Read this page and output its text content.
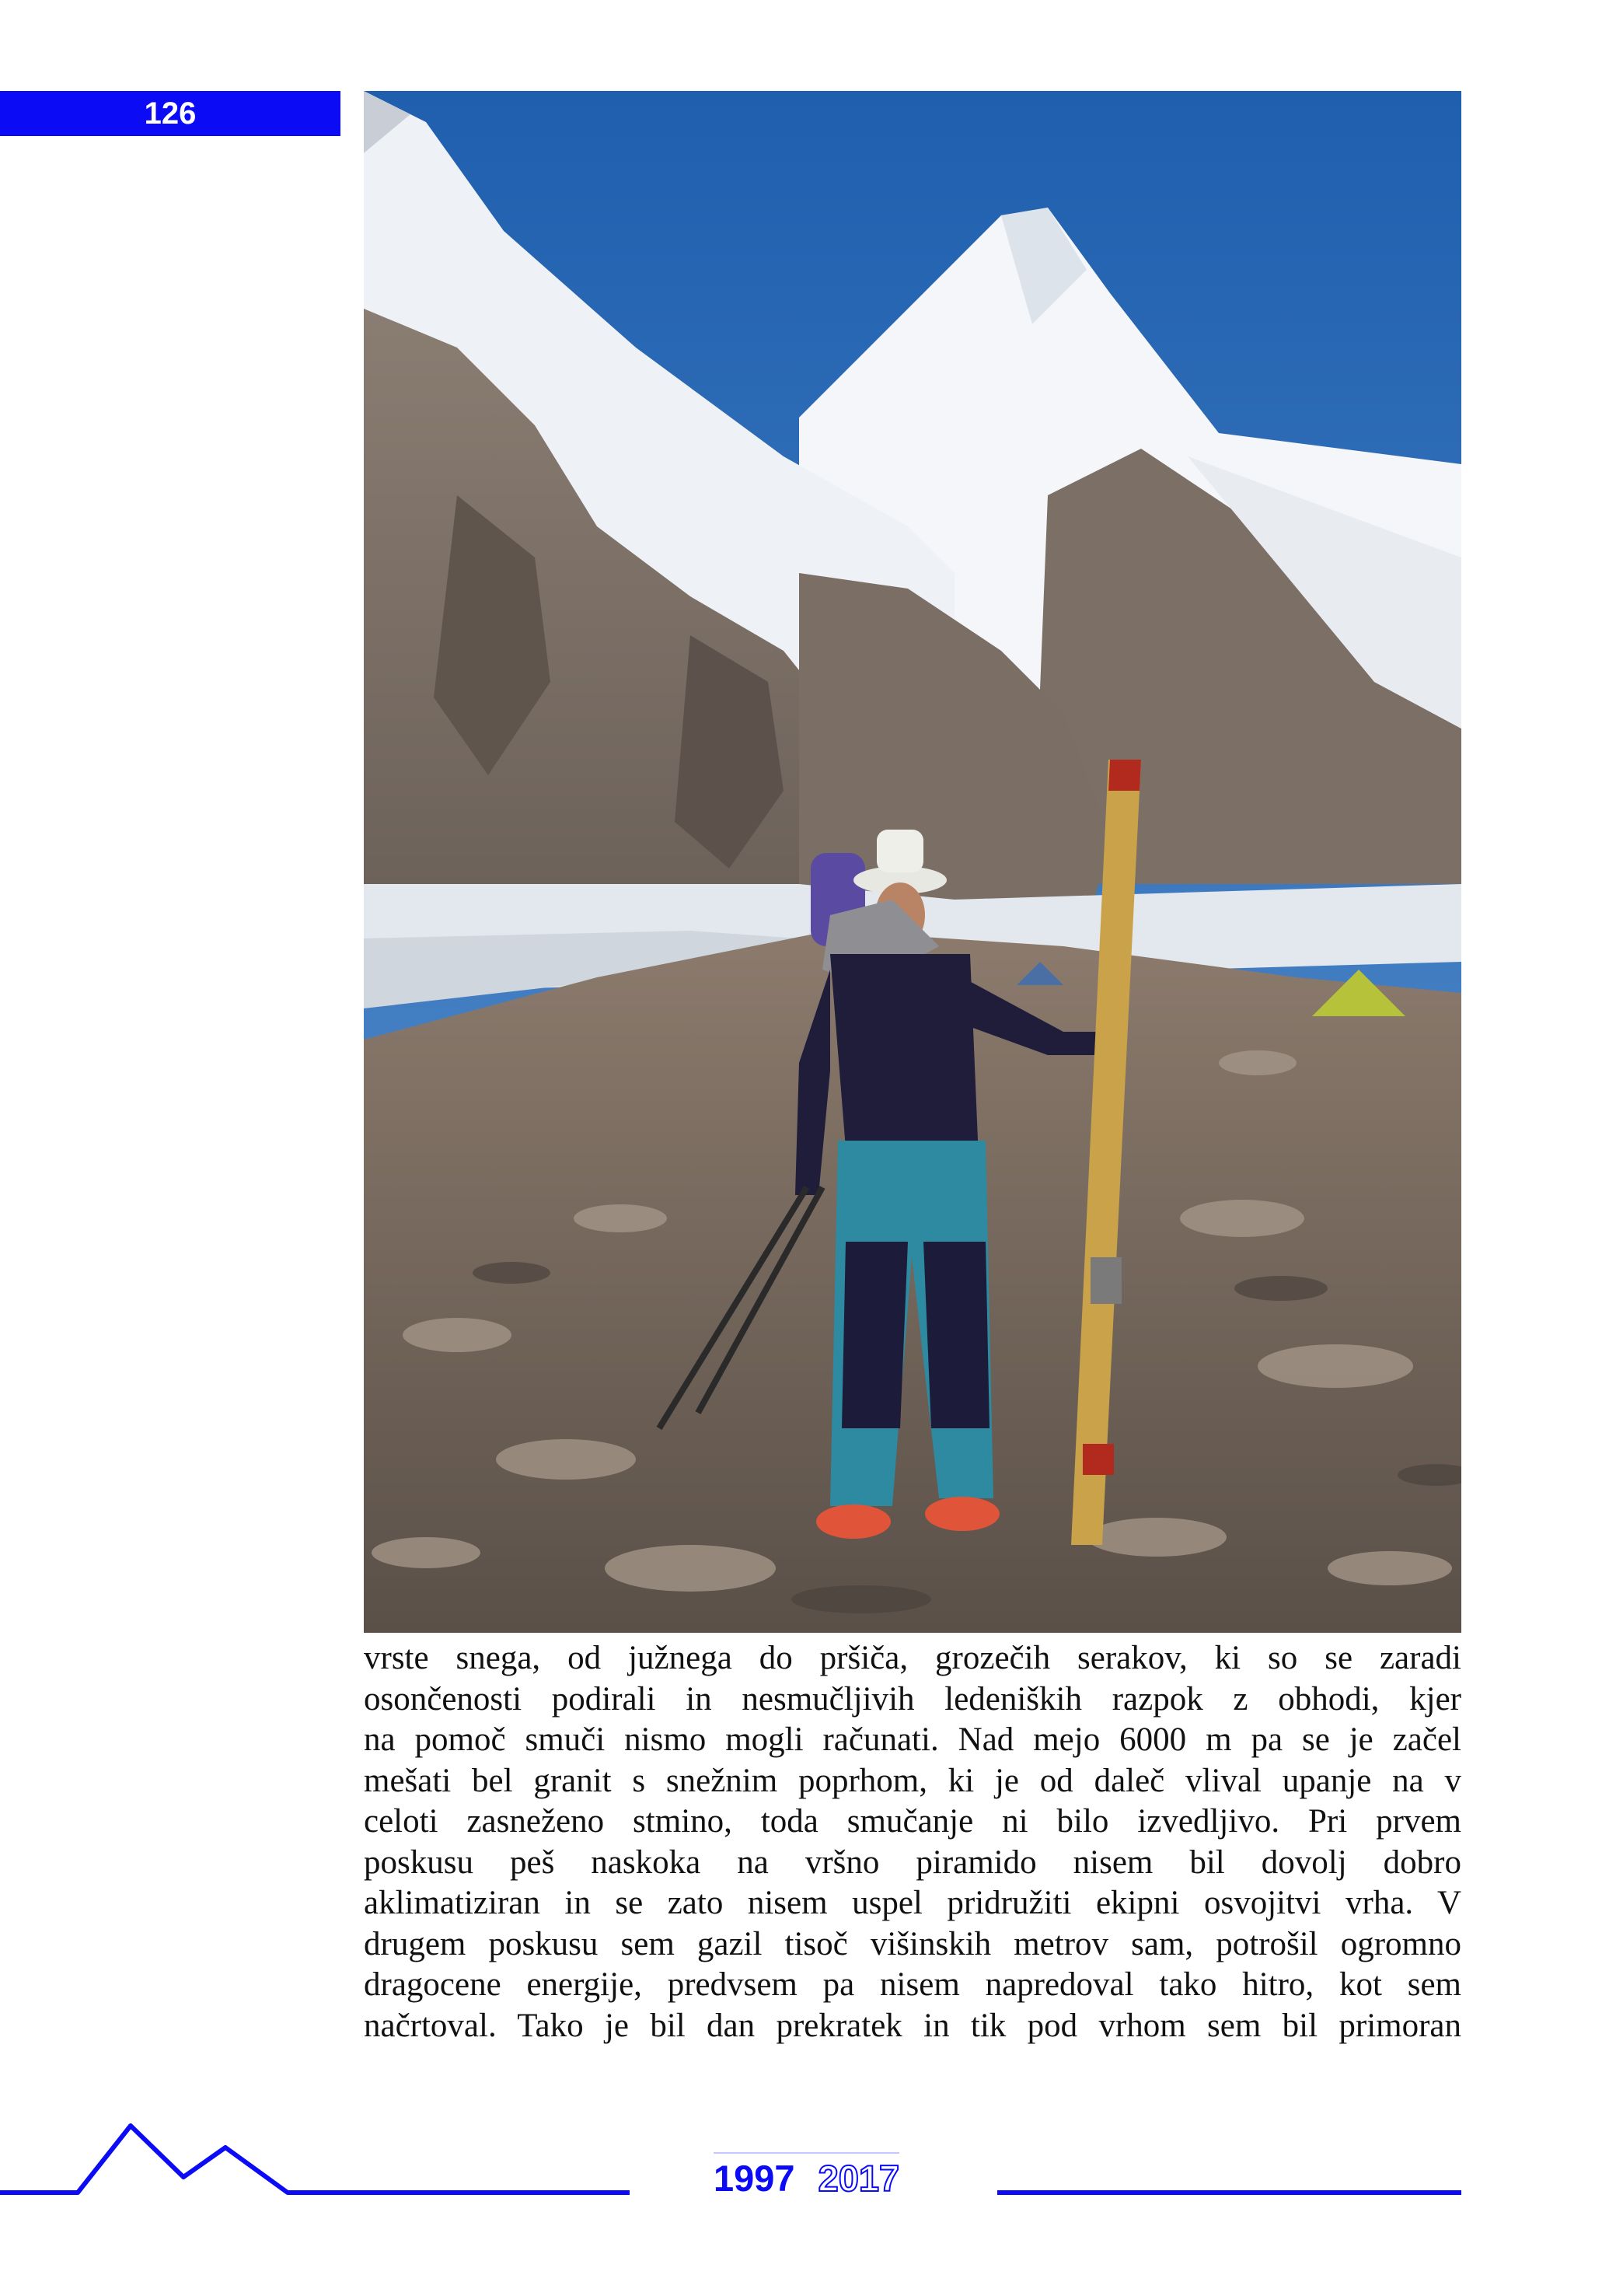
126
vrste snega, od južnega do pršiča, grozečih serakov, ki so se zaradi
osončenosti podirali in nesmučljivih ledeniških razpok z obhodi, kjer
na pomoč smuči nismo mogli računati. Nad mejo 6000 m pa se je začel
mešati bel granit s snežnim poprhom, ki je od daleč vlival upanje na v
celoti zasneženo stmino, toda smučanje ni bilo izvedljivo. Pri prvem
poskusu peš naskoka na vršno piramido nisem bil dovolj dobro
aklimatiziran in se zato nisem uspel pridružiti ekipni osvojitvi vrha. V
drugem poskusu sem gazil tisoč višinskih metrov sam, potrošil ogromno
dragocene energije, predvsem pa nisem napredoval tako hitro, kot sem
načrtoval. Tako je bil dan prekratek in tik pod vrhom sem bil primoran
1997 2017
